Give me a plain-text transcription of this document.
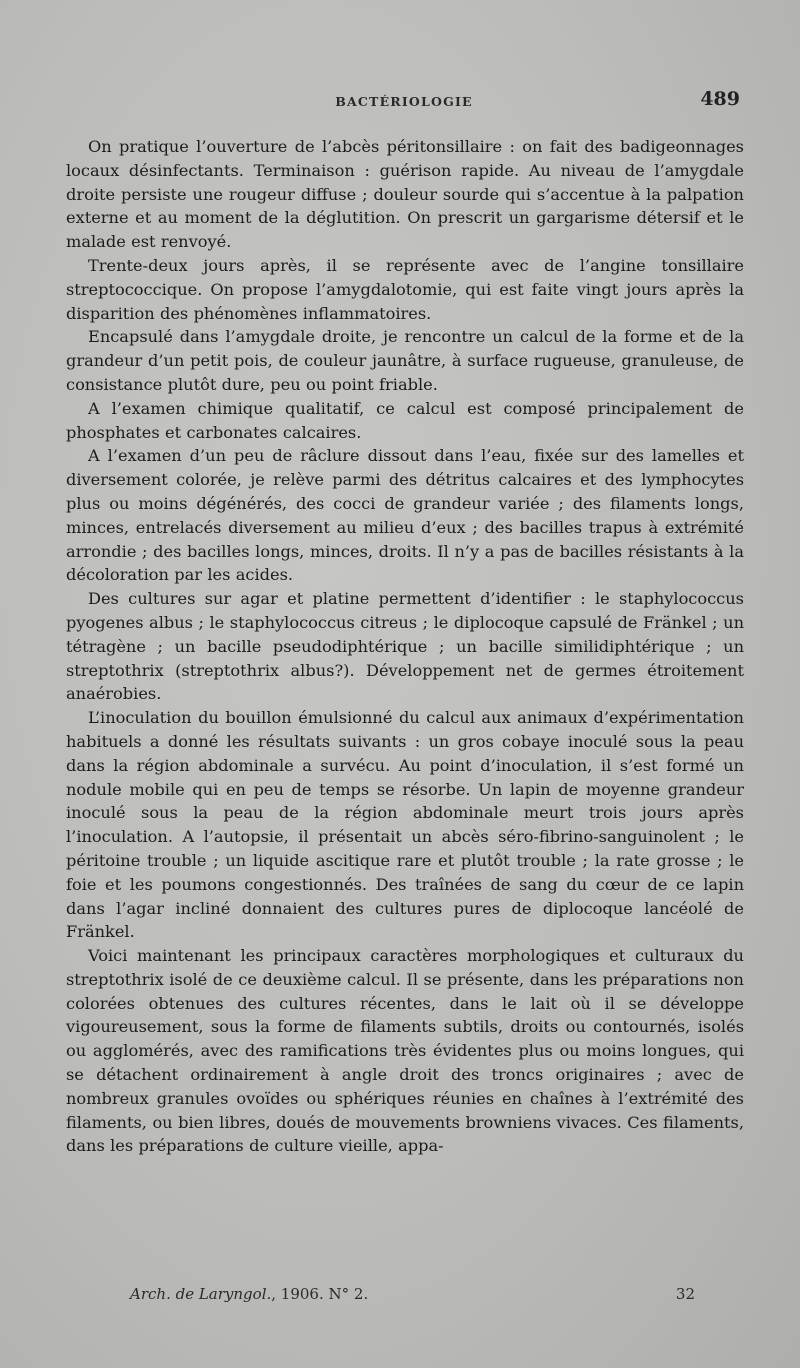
BACTÉRIOLOGIE	489

On pratique l’ouverture de l’abcès péritonsillaire : on fait des badigeonnages locaux désinfectants. Terminaison : guérison rapide. Au niveau de l’amygdale droite persiste une rougeur diffuse ; douleur sourde qui s’accentue à la palpation externe et au moment de la déglutition. On prescrit un gargarisme détersif et le malade est renvoyé.

Trente-deux jours après, il se représente avec de l’angine tonsillaire streptococcique. On propose l’amygdalotomie, qui est faite vingt jours après la disparition des phénomènes inflammatoires.

Encapsulé dans l’amygdale droite, je rencontre un calcul de la forme et de la grandeur d’un petit pois, de couleur jaunâtre, à surface rugueuse, granuleuse, de consistance plutôt dure, peu ou point friable.

A l’examen chimique qualitatif, ce calcul est composé principalement de phosphates et carbonates calcaires.

A l’examen d’un peu de râclure dissout dans l’eau, fixée sur des lamelles et diversement colorée, je relève parmi des détritus calcaires et des lymphocytes plus ou moins dégénérés, des cocci de grandeur variée ; des filaments longs, minces, entrelacés diversement au milieu d’eux ; des bacilles trapus à extrémité arrondie ; des bacilles longs, minces, droits. Il n’y a pas de bacilles résistants à la décoloration par les acides.

Des cultures sur agar et platine permettent d’identifier : le staphylococcus pyogenes albus ; le staphylococcus citreus ; le diplocoque capsulé de Fränkel ; un tétragène ; un bacille pseudodiphtérique ; un bacille similidiphtérique ; un streptothrix (streptothrix albus?). Développement net de germes étroitement anaérobies.

L’inoculation du bouillon émulsionné du calcul aux animaux d’expérimentation habituels a donné les résultats suivants : un gros cobaye inoculé sous la peau dans la région abdominale a survécu. Au point d’inoculation, il s’est formé un nodule mobile qui en peu de temps se résorbe. Un lapin de moyenne grandeur inoculé sous la peau de la région abdominale meurt trois jours après l’inoculation. A l’autopsie, il présentait un abcès séro-fibrino-sanguinolent ; le péritoine trouble ; un liquide ascitique rare et plutôt trouble ; la rate grosse ; le foie et les poumons congestionnés. Des traînées de sang du cœur de ce lapin dans l’agar incliné donnaient des cultures pures de diplocoque lancéolé de Fränkel.

Voici maintenant les principaux caractères morphologiques et culturaux du streptothrix isolé de ce deuxième calcul. Il se présente, dans les préparations non colorées obtenues des cultures récentes, dans le lait où il se développe vigoureusement, sous la forme de filaments subtils, droits ou contournés, isolés ou agglomérés, avec des ramifications très évidentes plus ou moins longues, qui se détachent ordinairement à angle droit des troncs originaires ; avec de nombreux granules ovoïdes ou sphériques réunies en chaînes à l’extrémité des filaments, ou bien libres, doués de mouvements browniens vivaces. Ces filaments, dans les préparations de culture vieille, appa-

Arch. de Laryngol., 1906. N° 2.	32
